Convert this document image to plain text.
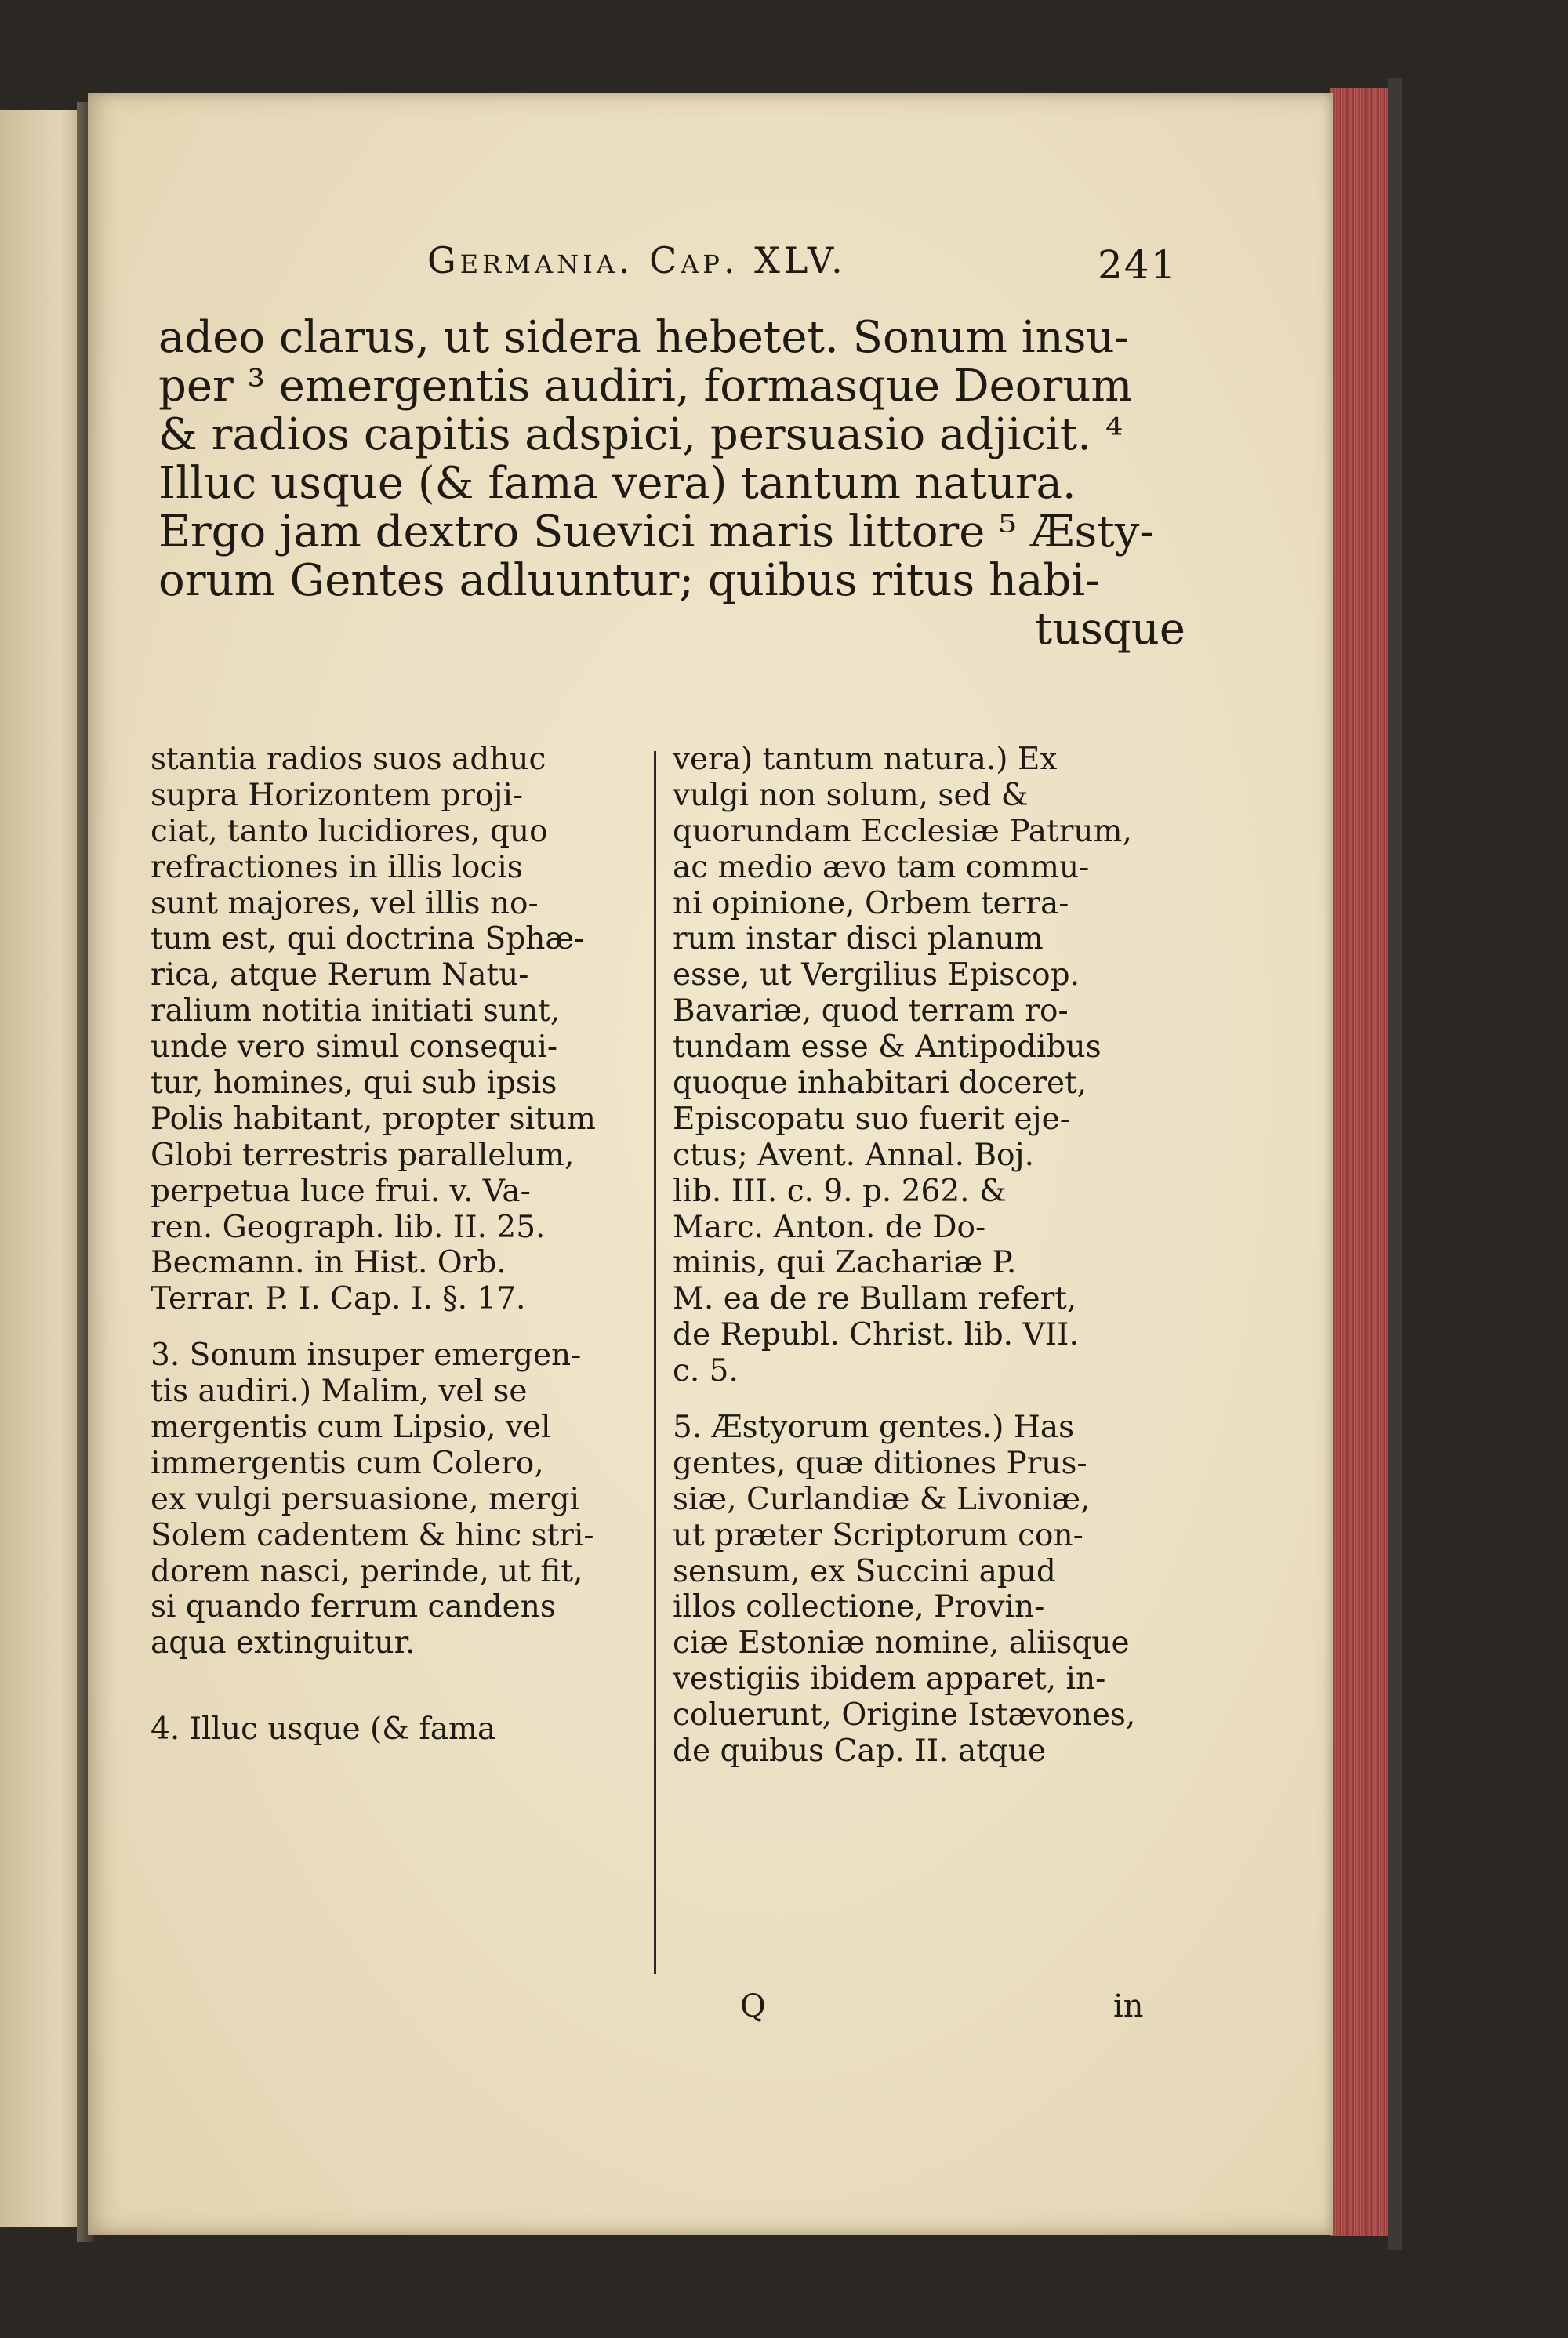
Germania. Cap. XLV.	241
adeo clarus, ut sidera hebetet. Sonum insu-
per ³ emergentis audiri, formasque Deorum
& radios capitis adspici, persuasio adjicit. ⁴
Illuc usque (& fama vera) tantum natura.
Ergo jam dextro Suevici maris littore ⁵ Æsty-
orum Gentes adluuntur; quibus ritus habi-
tusque
stantia radios suos adhuc
supra Horizontem proji-
ciat, tanto lucidiores, quo
refractiones in illis locis
sunt majores, vel illis no-
tum est, qui doctrina Sphæ-
rica, atque Rerum Natu-
ralium notitia initiati sunt,
unde vero simul consequi-
tur, homines, qui sub ipsis
Polis habitant, propter situm
Globi terrestris parallelum,
perpetua luce frui. v. Va-
ren. Geograph. lib. II. 25.
Becmann. in Hist. Orb.
Terrar. P. I. Cap. I. §. 17.
3. Sonum insuper emergen-
tis audiri.) Malim, vel se
mergentis cum Lipsio, vel
immergentis cum Colero,
ex vulgi persuasione, mergi
Solem cadentem & hinc stri-
dorem nasci, perinde, ut fit,
si quando ferrum candens
aqua extinguitur.
4. Illuc usque (& fama
vera) tantum natura.) Ex
vulgi non solum, sed &
quorundam Ecclesiæ Patrum,
ac medio ævo tam commu-
ni opinione, Orbem terra-
rum instar disci planum
esse, ut Vergilius Episcop.
Bavariæ, quod terram ro-
tundam esse & Antipodibus
quoque inhabitari doceret,
Episcopatu suo fuerit eje-
ctus; Avent. Annal. Boj.
lib. III. c. 9. p. 262. &
Marc. Anton. de Do-
minis, qui Zachariæ P.
M. ea de re Bullam refert,
de Republ. Christ. lib. VII.
c. 5.
5. Æstyorum gentes.) Has
gentes, quæ ditiones Prus-
siæ, Curlandiæ & Livoniæ,
ut præter Scriptorum con-
sensum, ex Succini apud
illos collectione, Provin-
ciæ Estoniæ nomine, aliisque
vestigiis ibidem apparet, in-
coluerunt, Origine Istævones,
de quibus Cap. II. atque
Q	in
